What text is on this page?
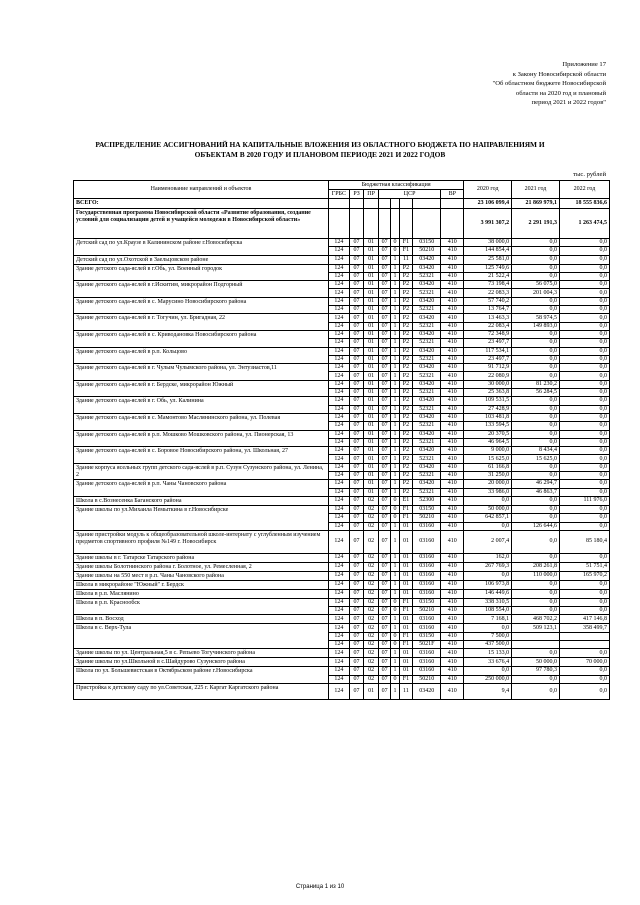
Приложение 17
к Закону Новосибирской области
"Об областном бюджете Новосибирской
области на 2020 год и плановый
период 2021 и 2022 годов"
РАСПРЕДЕЛЕНИЕ АССИГНОВАНИЙ НА КАПИТАЛЬНЫЕ ВЛОЖЕНИЯ ИЗ ОБЛАСТНОГО БЮДЖЕТА ПО НАПРАВЛЕНИЯМ И
ОБЪЕКТАМ В 2020 ГОДУ И ПЛАНОВОМ ПЕРИОДЕ 2021 И 2022 ГОДОВ
тыс. рублей
Наименование направлений и объектов	Бюджетная классификация								2020 год	2021 год	2022 год
	ГРБС	РЗ	ПР	ЦСР				ВР			
ВСЕГО:									23 106 099,4	21 869 979,1	18 555 836,6
Государственная программа Новосибирской области «Развитие образования, создание условий для социализации детей и учащейся молодежи в Новосибирской области»									3 991 307,2	2 291 191,3	1 263 474,5
Детский сад по ул.Краузе в Калининском районе г.Новосибирска	124	07	01	07	0	F1	03150	410	38 000,0	0,0	0,0
	124	07	01	07	0	F1	50210	410	144 854,4	0,0	0,0
Детский сад по ул.Охотской в Заельцовском районе	124	07	01	07	1	11	03420	410	25 581,0	0,0	0,0
Здание детского сада-яслей в г.Обь, ул. Военный городок	124	07	01	07	1	P2	03420	410	125 749,6	0,0	0,0
	124	07	01	07	1	P2	52321	410	21 522,4	0,0	0,0
Здание детского сада-яслей в г.Искитим, микрорайон Подгорный	124	07	01	07	1	P2	03420	410	73 198,4	56 075,0	0,0
	124	07	01	07	1	P2	52321	410	22 083,3	201 004,3	0,0
Здание детского сада-яслей в с. Марусино Новосибирского района	124	07	01	07	1	P2	03420	410	57 740,2	0,0	0,0
	124	07	01	07	1	P2	52321	410	13 764,7	0,0	0,0
Здание детского сада-яслей в г. Тогучин, ул. Бригадная, 22	124	07	01	07	1	P2	03420	410	13 463,3	58 974,5	0,0
	124	07	01	07	1	P2	52321	410	22 083,4	149 893,0	0,0
Здание детского сада-яслей в с. Криводановка Новосибирского района	124	07	01	07	1	P2	03420	410	72 348,9	0,0	0,0
	124	07	01	07	1	P2	52321	410	23 497,7	0,0	0,0
Здание детского сада-яслей в р.п. Кольцово	124	07	01	07	1	P2	03420	410	117 534,1	0,0	0,0
	124	07	01	07	1	P2	52321	410	23 497,7	0,0	0,0
Здание детского сада-яслей в г. Чулым Чулымского района, ул. Энтузиастов,11	124	07	01	07	1	P2	03420	410	91 712,9	0,0	0,0
	124	07	01	07	1	P2	52321	410	22 080,9	0,0	0,0
Здание детского сада-яслей в г. Бердске, микрорайон Южный	124	07	01	07	1	P2	03420	410	30 000,0	81 230,2	0,0
	124	07	01	07	1	P2	52321	410	25 363,8	56 284,5	0,0
Здание детского сада-яслей в г. Обь, ул. Калинина	124	07	01	07	1	P2	03420	410	109 531,5	0,0	0,0
	124	07	01	07	1	P2	52321	410	27 428,9	0,0	0,0
Здание детского сада-яслей в с. Мамонтово Маслянинского района, ул. Полевая	124	07	01	07	1	P2	03420	410	103 481,8	0,0	0,0
	124	07	01	07	1	P2	52321	410	133 594,5	0,0	0,0
Здание детского сада-яслей в р.п. Мошково Мошковского района, ул. Пионерская, 13	124	07	01	07	1	P2	03420	410	20 370,5	0,0	0,0
	124	07	01	07	1	P2	52321	410	46 964,5	0,0	0,0
Здание детского сада-яслей в с. Боровое Новосибирского района, ул. Школьная, 27	124	07	01	07	1	P2	03420	410	9 000,0	8 434,4	0,0
	124	07	01	07	1	P2	52321	410	15 625,0	15 625,0	0,0
Здание корпуса ясельных групп детского сада-яслей в р.п. Сузун Сузунского района, ул. Ленина, 2	124	07	01	07	1	P2	03420	410	61 166,8	0,0	0,0
	124	07	01	07	1	P2	52321	410	31 250,0	0,0	0,0
Здание детского сада-яслей в р.п. Чаны Чановского района	124	07	01	07	1	P2	03420	410	20 000,0	46 294,7	0,0
	124	07	01	07	1	P2	52321	410	33 986,0	46 863,7	0,0
Школа в с.Вознесенка Баганского района	124	07	02	07	0	E1	52300	410	0,0	0,0	111 976,0
Здание школы по ул.Михаила Немыткина в г.Новосибирске	124	07	02	07	0	F1	03150	410	50 000,0	0,0	0,0
	124	07	02	07	0	F1	50210	410	642 857,1	0,0	0,0
	124	07	02	07	1	01	03160	410	0,0	126 644,6	0,0
Здание пристройки модуль к общеобразовательной школе-интернату с углубленным изучением предметов спортивного профиля №149 г. Новосибирск	124	07	02	07	1	01	03160	410	2 007,4	0,0	85 180,4
Здание школы в г. Татарске Татарского района	124	07	02	07	1	01	03160	410	162,0	0,0	0,0
Здание школы Болотнинского района г. Болотное, ул. Ремесленная, 2	124	07	02	07	1	01	03160	410	267 769,3	208 261,8	51 751,4
Здание школы на 550 мест в р.п. Чаны Чановского района	124	07	02	07	1	01	03160	410	0,0	110 000,0	165 970,2
Школа в микрорайоне "Южный" г. Бердск	124	07	02	07	1	01	03160	410	106 973,8	0,0	0,0
Школа в р.п. Маслянино	124	07	02	07	1	01	03160	410	146 449,6	0,0	0,0
Школа в р.п. Краснообск	124	07	02	07	0	F1	03150	410	338 310,5	0,0	0,0
	124	07	02	07	0	F1	50210	410	108 554,0	0,0	0,0
Школа в п. Восход	124	07	02	07	1	01	03160	410	7 168,1	468 702,2	417 146,8
Школа в с. Верх-Тула	124	07	02	07	1	01	03160	410	0,0	509 123,1	358 499,7
	124	07	02	07	0	F1	03150	410	7 500,0		
	124	07	02	07	0	F1	5021F	410	437 500,0		
Здание школы по ул. Центральная,5 в с. Репьево Тогучинского района	124	07	02	07	1	01	03160	410	15 133,0	0,0	0,0
Здание школы по ул.Школьной в с.Шайдурово Сузунского района	124	07	02	07	1	01	03160	410	33 676,4	50 000,0	70 000,0
Школа по ул. Большевистская в Октябрьском районе г.Новосибирска	124	07	02	07	1	01	03160	410	0,0	97 780,3	0,0
	124	07	02	07	0	F1	50210	410	250 000,0	0,0	0,0
Пристройка к детскому саду по ул.Советская, 225 г. Каргат Каргатского района	124	07	01	07	1	11	03420	410	9,4	0,0	0,0
Страница 1 из 10
